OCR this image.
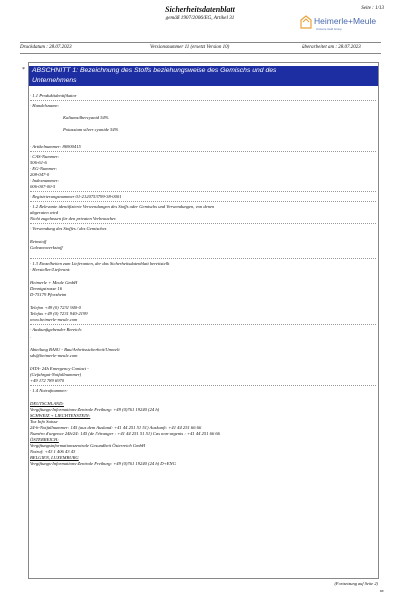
Sicherheitsdatenblatt
gemäß 1907/2006/EG, Artikel 31
Seite : 1/13
Heimerle+Meule
Umicore Gold Group
Druckdatum : 28.07.2023	Versionsnummer 11 (ersetzt Version 10)	überarbeitet am : 28.07.2023
* ABSCHNITT 1: Bezeichnung des Stoffs beziehungsweise des Gemischs und des
Unternehmens
· 1.1 Produktidentifikator
· Handelsname:
Kaliumsilbercyanid 54%
Potassium silver cyanide 54%
· Artikelnummer: 86900415
· CAS-Nummer:
506-61-6
· EG-Nummer:
208-047-0
· Indexnummer:
006-007-00-5
· Registrierungsnummer 01-2120753799-38-0001
· 1.2 Relevante identifizierte Verwendungen des Stoffs oder Gemischs und Verwendungen, von denen
abgeraten wird
Nicht zugelassen für den privaten Verbraucher.
· Verwendung des Stoffes / des Gemisches
Reinstoff
Galvanowerkstoff
· 1.3 Einzelheiten zum Lieferanten, der das Sicherheitsdatenblatt bereitstellt
· Hersteller/Lieferant:
Heimerle + Meule GmbH
Dennigstrasse 16
D-75179 Pforzheim
Telefon +49 (0) 7231 940-0
Telefax +49 (0) 7231 940-2199
www.heimerle-meule.com
· Auskunftgebender Bereich:
·
Abteilung BASU - Bau/Arbeitssicherheit/Umwelt
sds@heimerle-meule.com
IATA- 24h Emergency Contact -
(Gefahrgut-Notfallnummer)
+49 172 789 6970
· 1.4 Notrufnummer:
DEUTSCHLAND:
Vergiftungs-Informations-Zentrale Freiburg: +49 (0)761 19240 (24 h)
SCHWEIZ + LIECHTENSTEIN:
Tox Info Suisse
24-h-Notfallnummer: 145 (aus dem Ausland: +41 44 251 51 51) Auskunft: +41 44 251 66 66
Numéro d'urgence 24h/24: 145 (de l'étranger : +41 44 251 51 51) Cas non-urgents : +41 44 251 66 66
ÖSTERREICH:
Vergiftungsinformationszentrale Gesundheit Österreich GmbH
Notruf: +43 1 406 43 43
BELGIEN, LUXEMBURG
Vergiftungs-Informations-Zentrale Freiburg: +49 (0)761 19240 (24 h) D+ENG
(Fortsetzung auf Seite 2)
DE
